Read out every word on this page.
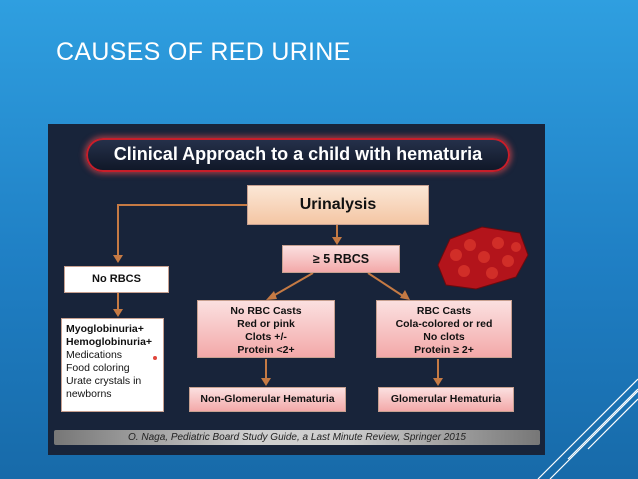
CAUSES OF RED URINE
Clinical Approach to a child with hematuria
Urinalysis
≥ 5 RBCS
No RBCS
Myoglobinuria+
Hemoglobinuria+
Medications
Food coloring
Urate crystals in
newborns
No RBC Casts
Red or pink
Clots +/-
Protein <2+
RBC Casts
Cola-colored or red
No clots
Protein ≥ 2+
Non-Glomerular Hematuria	Glomerular Hematuria
O. Naga, Pediatric Board Study Guide, a Last Minute Review, Springer 2015
